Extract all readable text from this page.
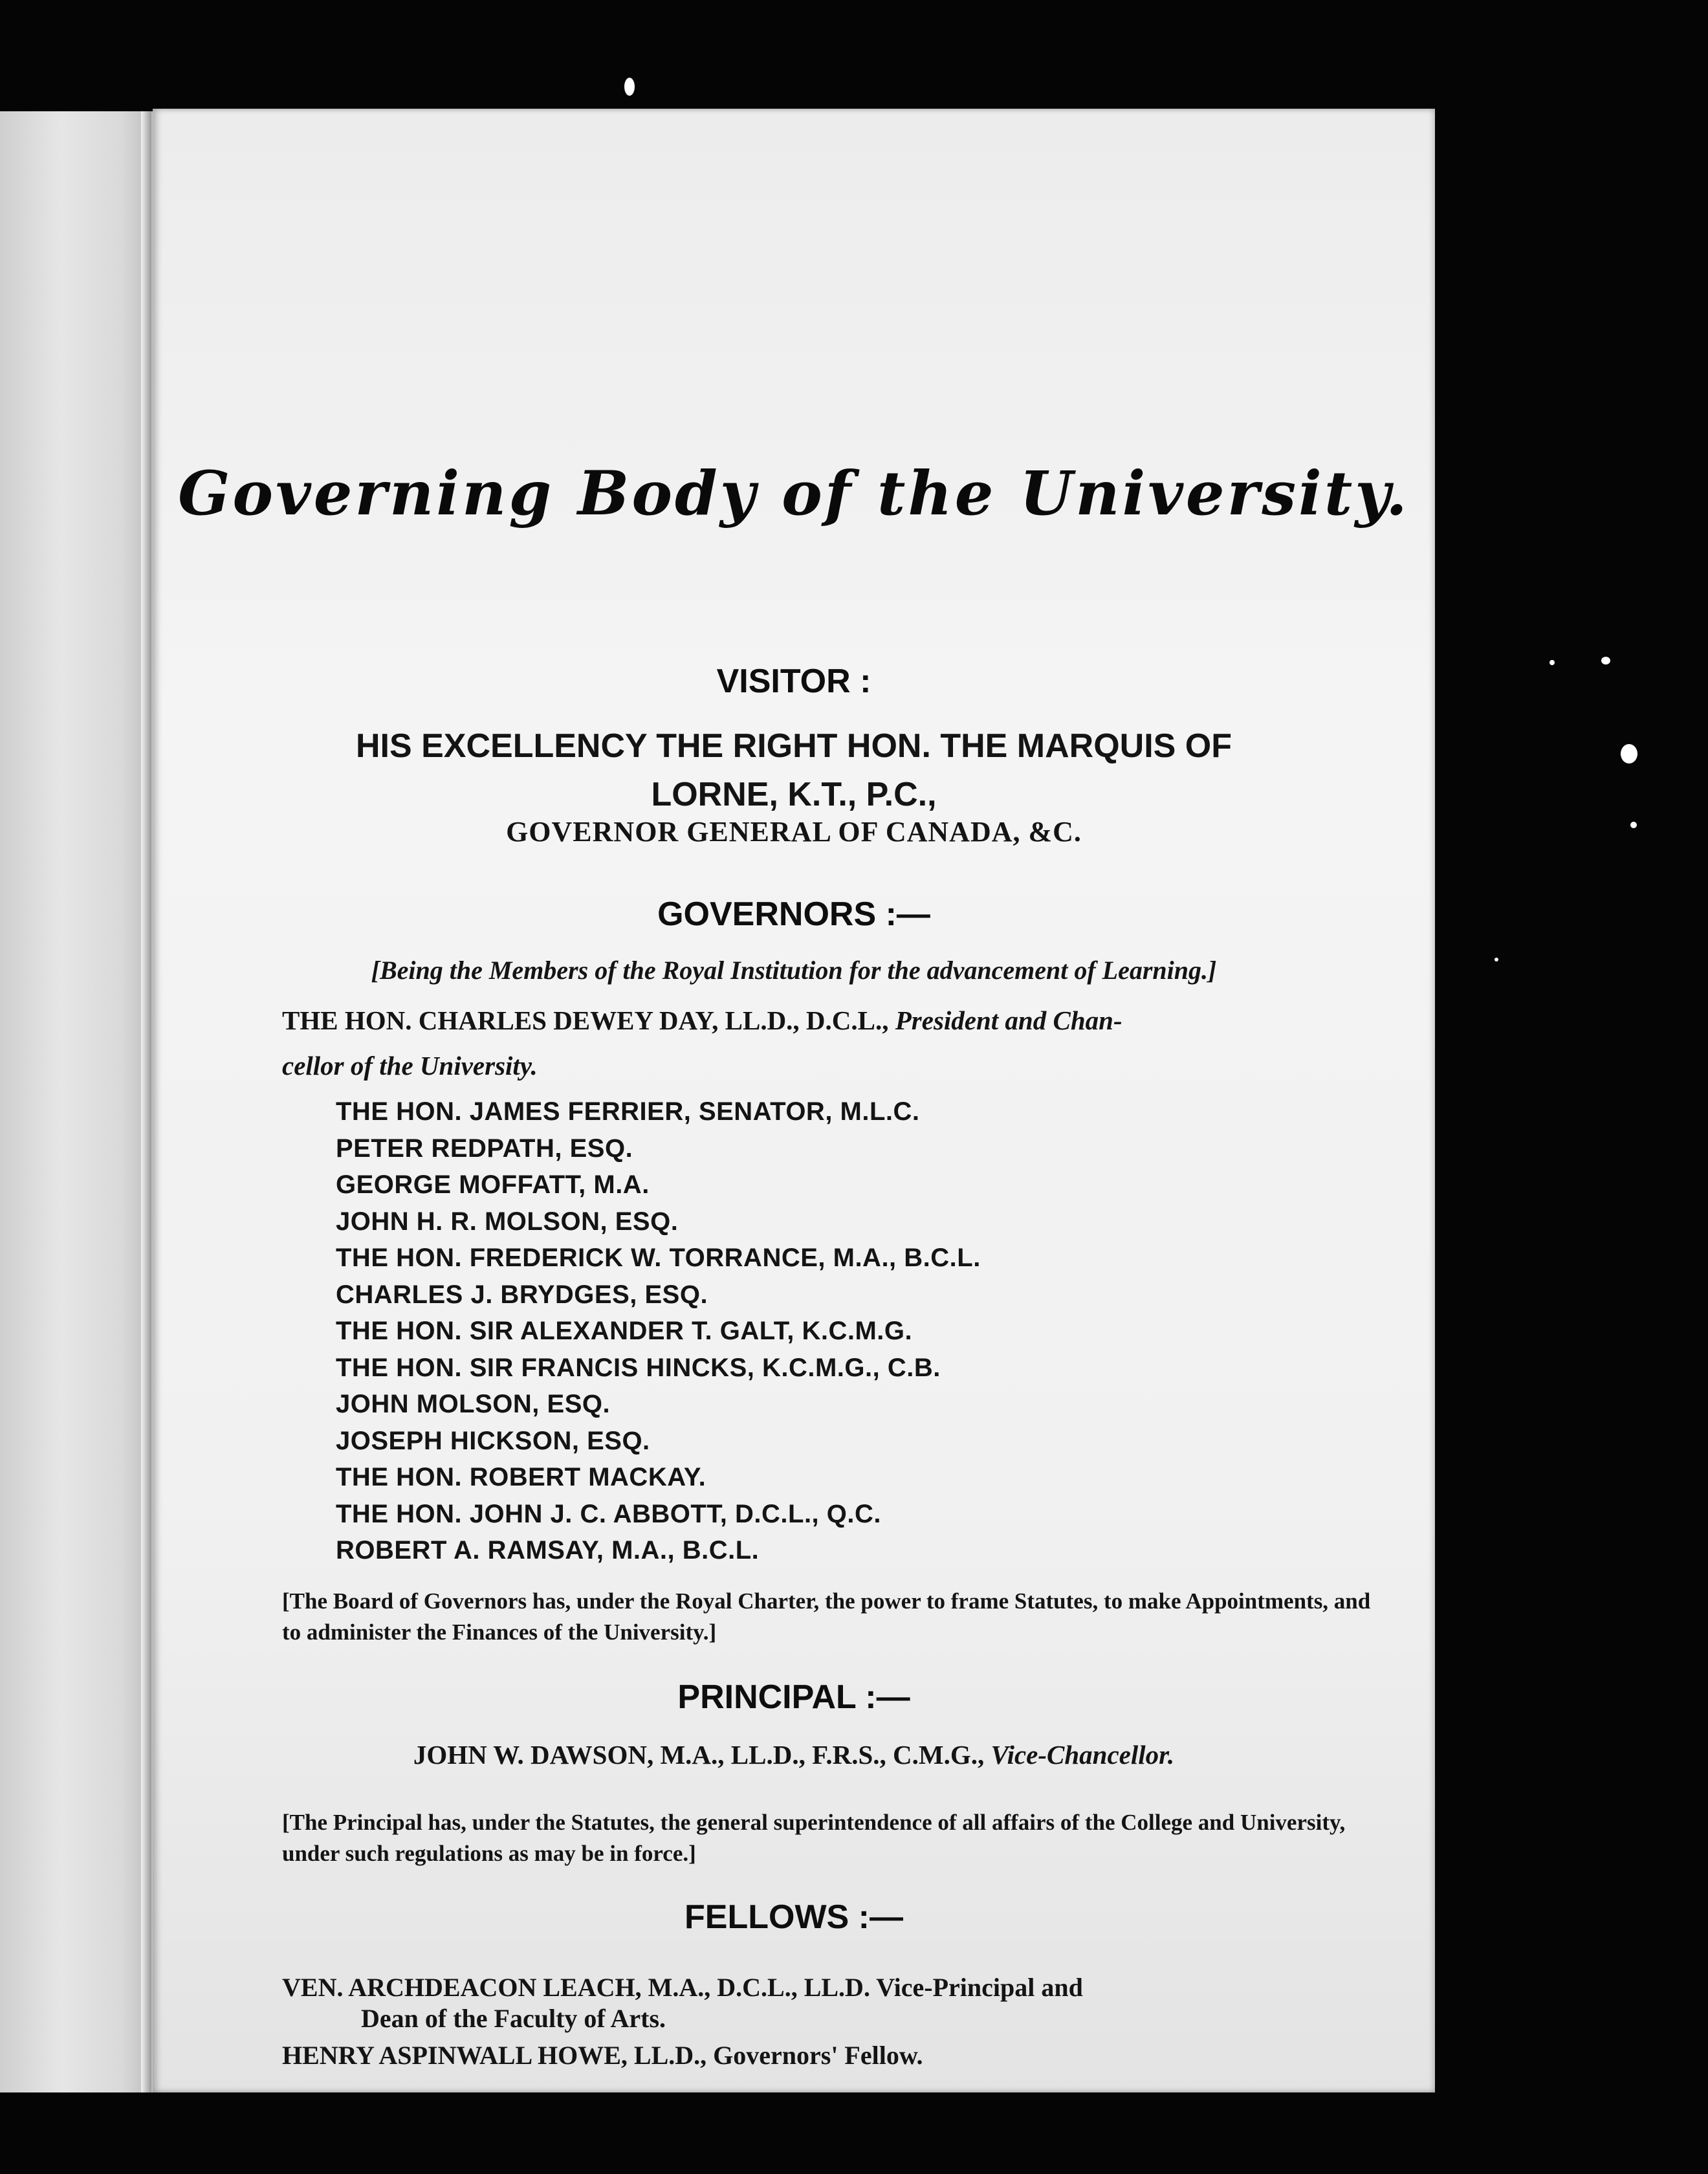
Governing Body of the University.
VISITOR :
HIS EXCELLENCY THE RIGHT HON. THE MARQUIS OF
LORNE, K.T., P.C.,
GOVERNOR GENERAL OF CANADA, &C.
GOVERNORS :—
[Being the Members of the Royal Institution for the advancement of Learning.]
THE HON. CHARLES DEWEY DAY, LL.D., D.C.L., President and Chan-
cellor of the University.
THE HON. JAMES FERRIER, SENATOR, M.L.C.
PETER REDPATH, ESQ.
GEORGE MOFFATT, M.A.
JOHN H. R. MOLSON, ESQ.
THE HON. FREDERICK W. TORRANCE, M.A., B.C.L.
CHARLES J. BRYDGES, ESQ.
THE HON. SIR ALEXANDER T. GALT, K.C.M.G.
THE HON. SIR FRANCIS HINCKS, K.C.M.G., C.B.
JOHN MOLSON, ESQ.
JOSEPH HICKSON, ESQ.
THE HON. ROBERT MACKAY.
THE HON. JOHN J. C. ABBOTT, D.C.L., Q.C.
ROBERT A. RAMSAY, M.A., B.C.L.
[The Board of Governors has, under the Royal Charter, the power to frame Statutes, to make Appointments, and to administer the Finances of the University.]
PRINCIPAL :—
JOHN W. DAWSON, M.A., LL.D., F.R.S., C.M.G., Vice-Chancellor.
[The Principal has, under the Statutes, the general superintendence of all affairs of the College and University, under such regulations as may be in force.]
FELLOWS :—
VEN. ARCHDEACON LEACH, M.A., D.C.L., LL.D. Vice-Principal and
Dean of the Faculty of Arts.
HENRY ASPINWALL HOWE, LL.D., Governors' Fellow.
